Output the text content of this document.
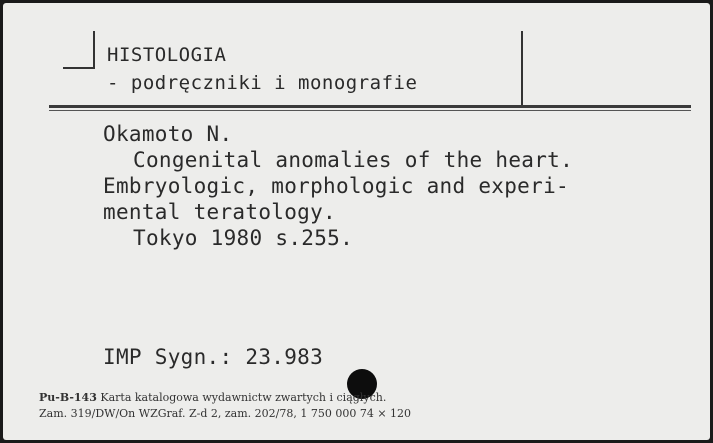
HISTOLOGIA
- podręczniki i monografie
Okamoto N.
Congenital anomalies of the heart.
Embryologic, morphologic and experi-
mental teratology.
Tokyo 1980 s.255.
IMP Sygn.: 23.983
Pu-B-143 Karta katalogowa wydawnictw zwartych i ciągłych.
Zam. 319/DW/On WZGraf. Z-d 2, zam. 202/78, 1 750 000 74 × 120
